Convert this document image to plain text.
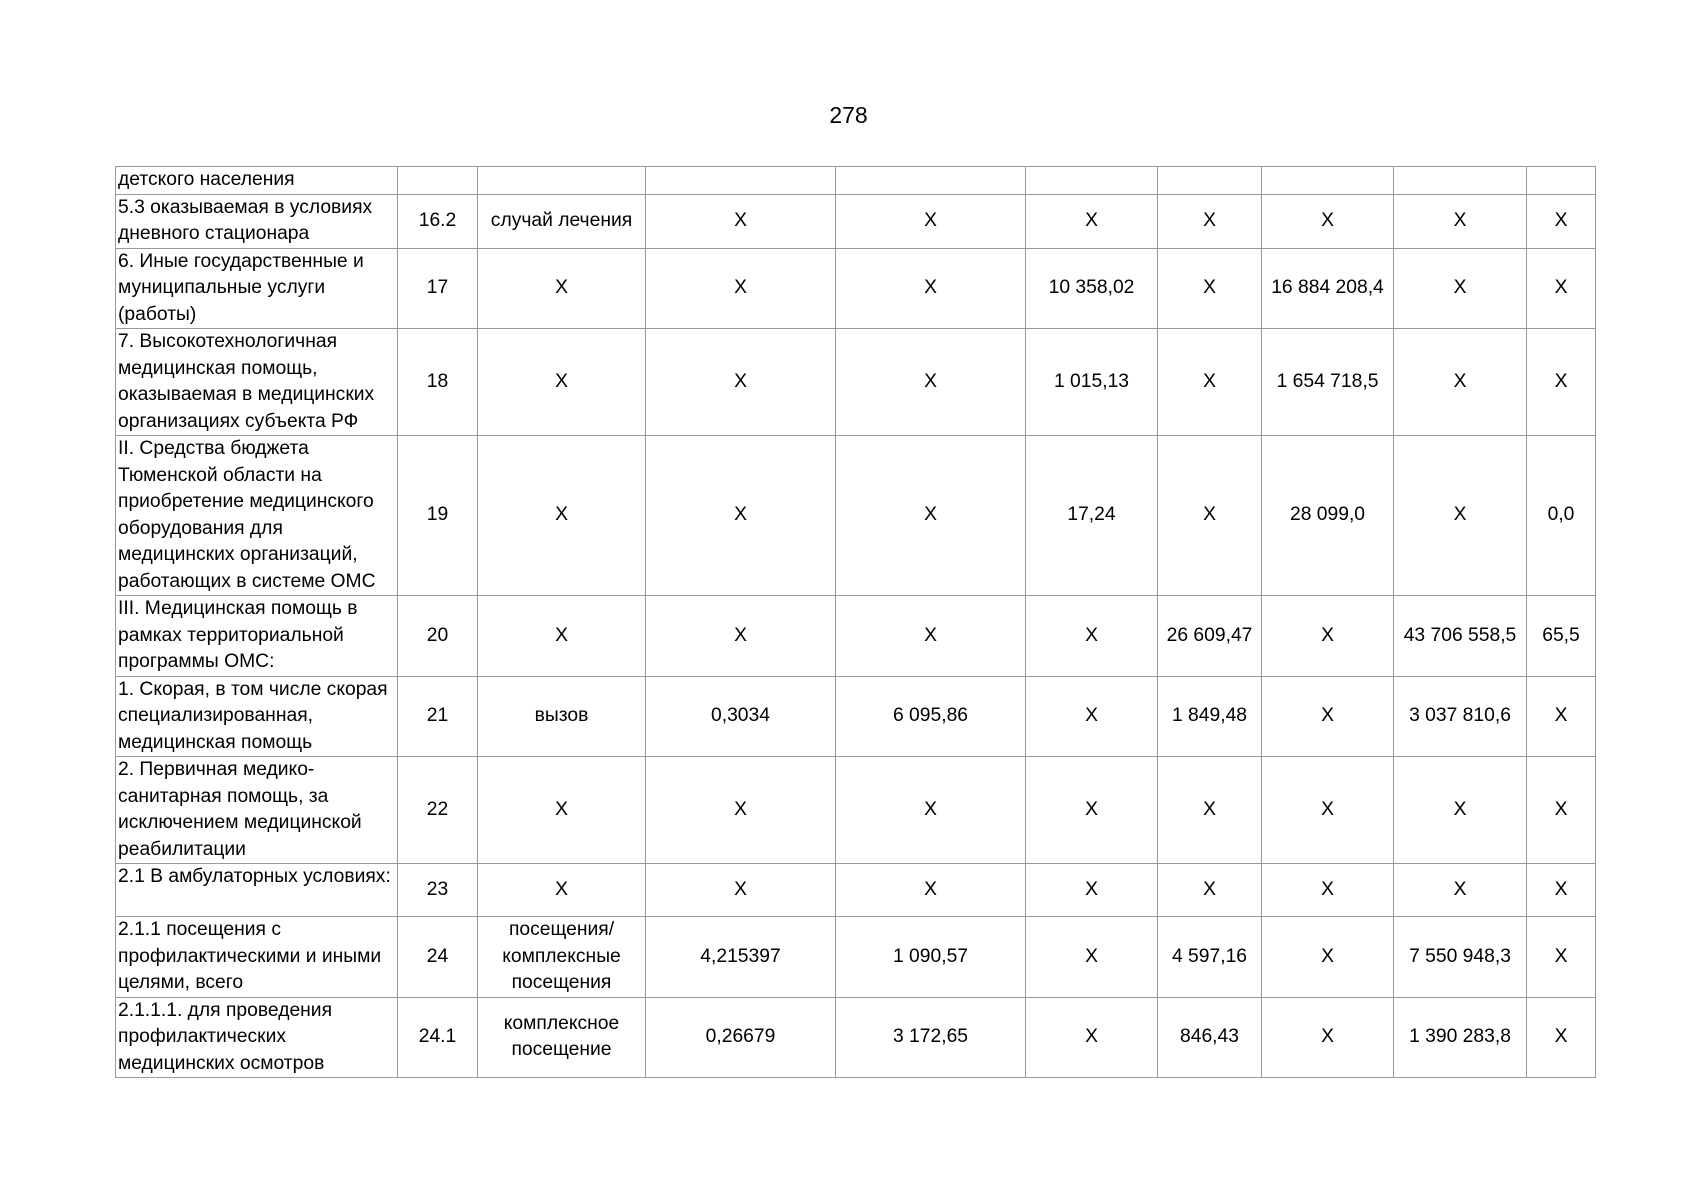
278
детского населения									
5.3 оказываемая в условиях дневного стационара	16.2	случай лечения	X	X	X	X	X	X	X
6. Иные государственные и муниципальные услуги (работы)	17	X	X	X	10 358,02	X	16 884 208,4	X	X
7. Высокотехнологичная медицинская помощь, оказываемая в медицинских организациях субъекта РФ	18	X	X	X	1 015,13	X	1 654 718,5	X	X
II. Средства бюджета Тюменской области на приобретение медицинского оборудования для медицинских организаций, работающих в системе ОМС	19	X	X	X	17,24	X	28 099,0	X	0,0
III. Медицинская помощь в рамках территориальной программы ОМС:	20	X	X	X	X	26 609,47	X	43 706 558,5	65,5
1. Скорая, в том числе скорая специализированная, медицинская помощь	21	вызов	0,3034	6 095,86	X	1 849,48	X	3 037 810,6	X
2. Первичная медико-санитарная помощь, за исключением медицинской реабилитации	22	X	X	X	X	X	X	X	X
2.1 В амбулаторных условиях:	23	X	X	X	X	X	X	X	X
2.1.1 посещения с профилактическими и иными целями, всего	24	посещения/ комплексные посещения	4,215397	1 090,57	X	4 597,16	X	7 550 948,3	X
2.1.1.1. для проведения профилактических медицинских осмотров	24.1	комплексное посещение	0,26679	3 172,65	X	846,43	X	1 390 283,8	X
